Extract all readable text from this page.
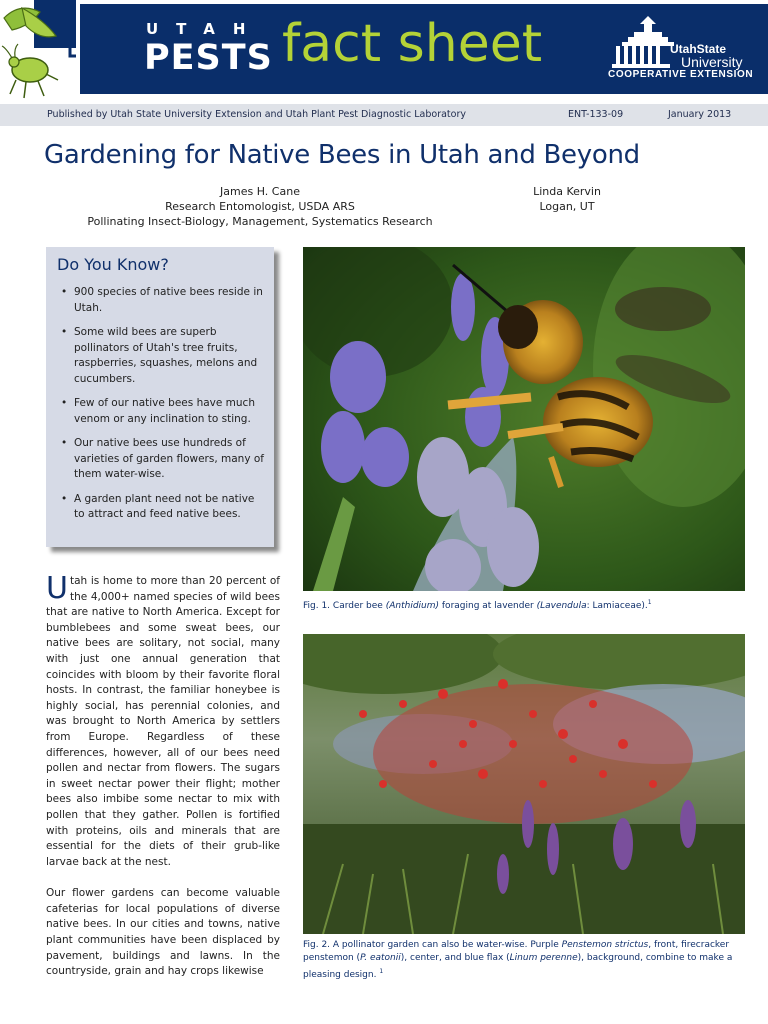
UTAH
PESTS fact sheet	UtahState
University
COOPERATIVE EXTENSION
Published by Utah State University Extension and Utah Plant Pest Diagnostic Laboratory	ENT-133-09	January 2013
Gardening for Native Bees in Utah and Beyond
James H. Cane
Research Entomologist, USDA ARS
Pollinating Insect-Biology, Management, Systematics Research
Linda Kervin
Logan, UT
Do You Know?
• 900 species of native bees reside in Utah.
• Some wild bees are superb pollinators of Utah's tree fruits, raspberries, squashes, melons and cucumbers.
• Few of our native bees have much venom or any inclination to sting.
• Our native bees use hundreds of varieties of garden flowers, many of them water-wise.
• A garden plant need not be native to attract and feed native bees.

Utah is home to more than 20 percent of the 4,000+ named species of wild bees that are native to North America. Except for bumblebees and some sweat bees, our native bees are solitary, not social, many with just one annual generation that coincides with bloom by their favorite floral hosts. In contrast, the familiar honeybee is highly social, has perennial colonies, and was brought to North America by settlers from Europe. Regardless of these differences, however, all of our bees need pollen and nectar from flowers. The sugars in sweet nectar power their flight; mother bees also imbibe some nectar to mix with pollen that they gather. Pollen is fortified with proteins, oils and minerals that are essential for the diets of their grub-like larvae back at the nest.

Our flower gardens can become valuable cafeterias for local populations of diverse native bees. In our cities and towns, native plant communities have been displaced by pavement, buildings and lawns. In the countryside, grain and hay crops likewise

Fig. 1. Carder bee (Anthidium) foraging at lavender (Lavendula: Lamiaceae).$^1$
Fig. 2. A pollinator garden can also be water-wise. Purple Penstemon strictus, front, firecracker penstemon (P. eatonii), center, and blue flax (Linum perenne), background, combine to make a pleasing design. $^1$
